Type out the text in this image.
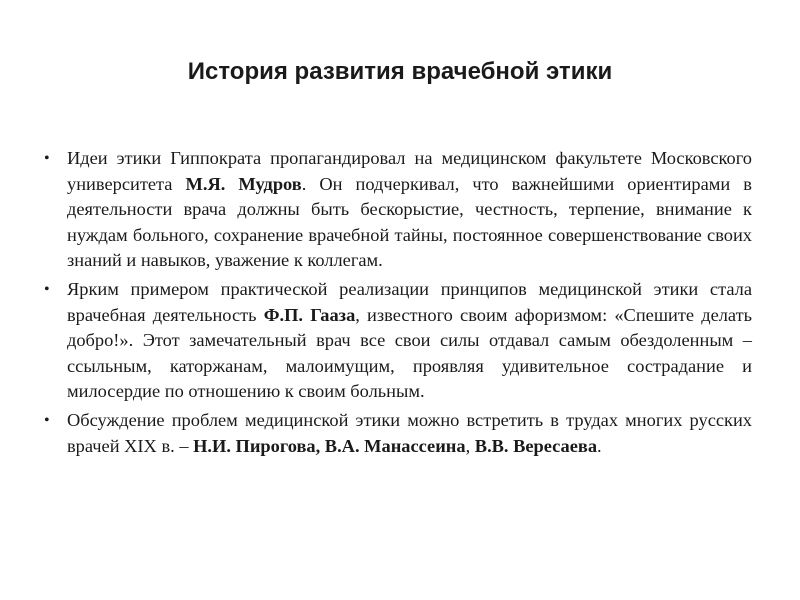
История развития врачебной этики
• Идеи этики Гиппократа пропагандировал на медицинском факультете Московского университета М.Я. Мудров. Он подчеркивал, что важнейшими ориентирами в деятельности врача должны быть бескорыстие, честность, терпение, внимание к нуждам больного, сохранение врачебной тайны, постоянное совершенствование своих знаний и навыков, уважение к коллегам.
• Ярким примером практической реализации принципов медицинской этики стала врачебная деятельность Ф.П. Гааза, известного своим афоризмом: «Спешите делать добро!». Этот замечательный врач все свои силы отдавал самым обездоленным – ссыльным, каторжанам, малоимущим, проявляя удивительное сострадание и милосердие по отношению к своим больным.
• Обсуждение проблем медицинской этики можно встретить в трудах многих русских врачей XIX в. – Н.И. Пирогова, В.А. Манассеина, В.В. Вересаева.
